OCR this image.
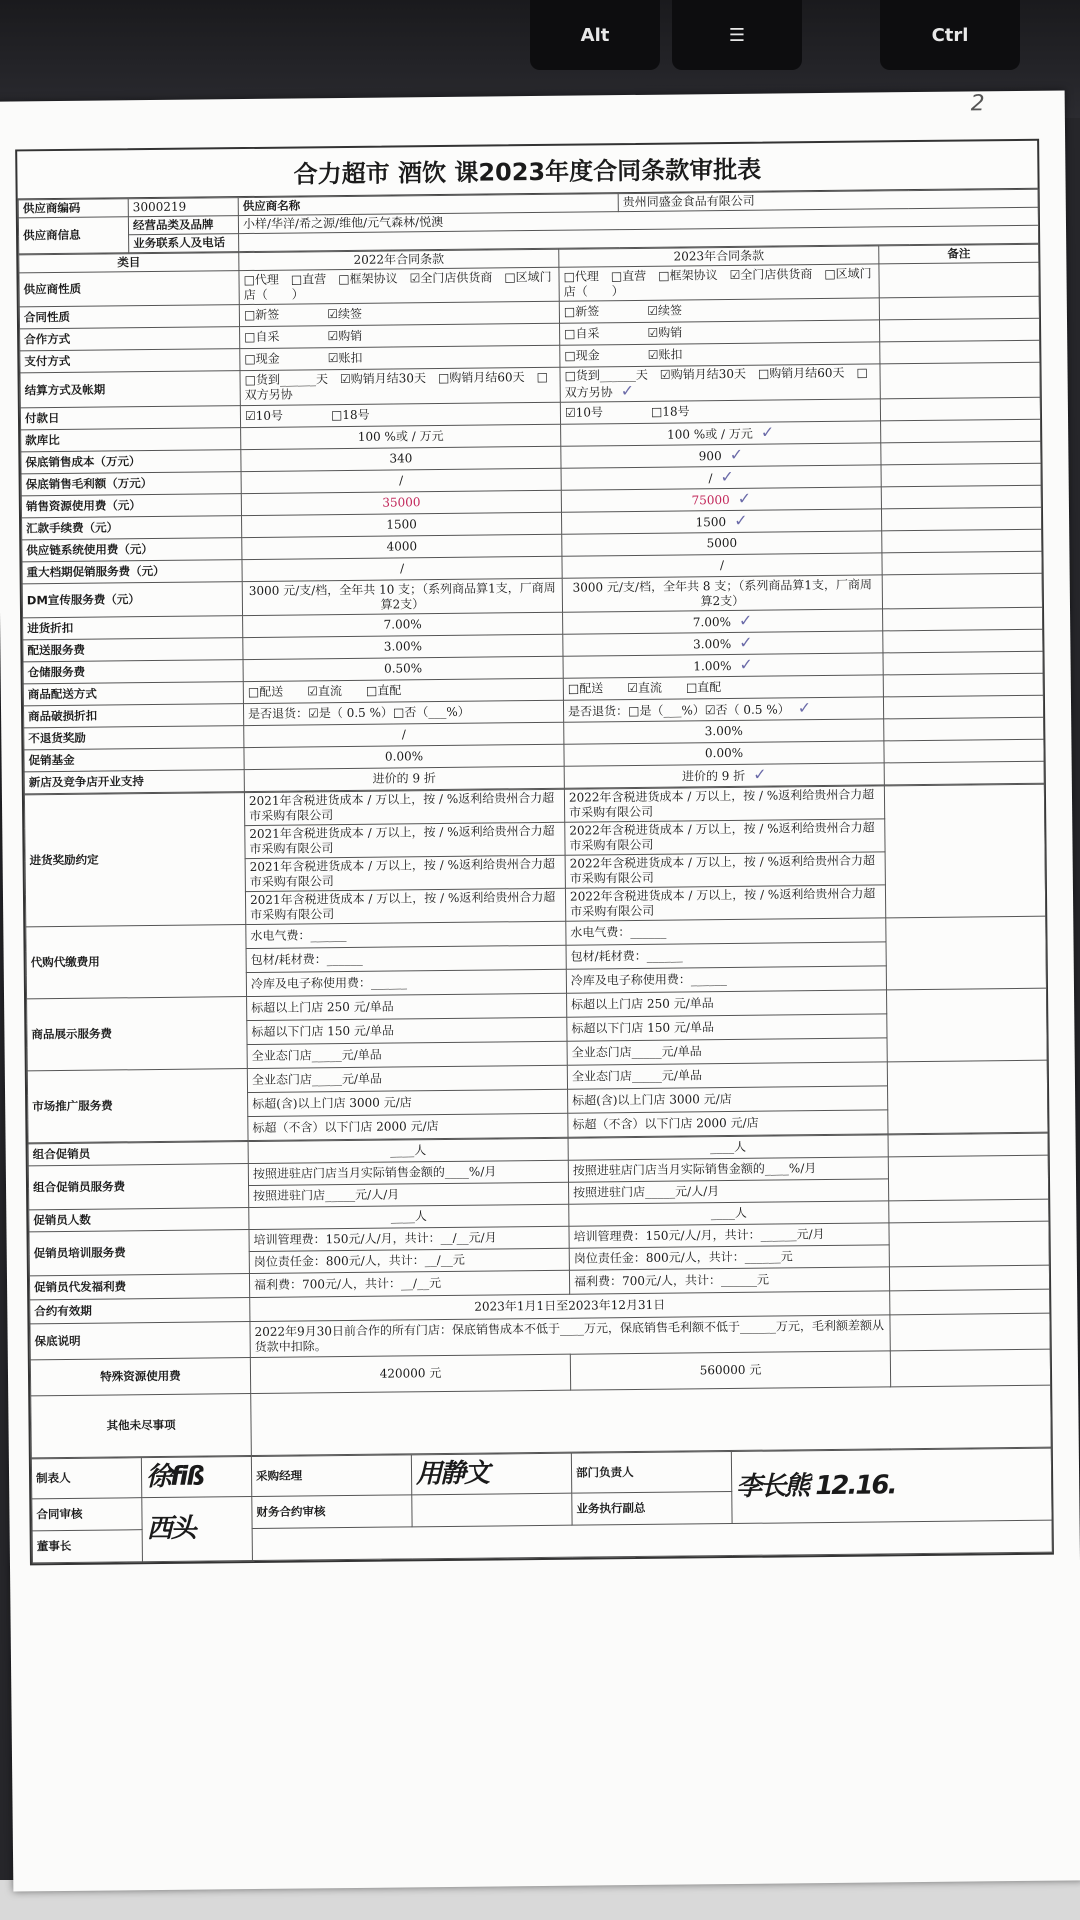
Alt	☰	Ctrl
2
合力超市 酒饮 课2023年度合同条款审批表
供应商编码	3000219	供应商名称	贵州同盛金食品有限公司
供应商信息	经营品类及品牌	小样/华洋/希之源/维他/元气森林/悦澳	
	业务联系人及电话		
类目	2022年合同条款	2023年合同条款	备注
供应商性质	□代理　□直营　□框架协议　☑全门店供货商　□区域门店（　　）	□代理　□直营　□框架协议　☑全门店供货商　□区域门店（　　）	
合同性质	□新签　　　　☑续签	□新签　　　　☑续签	
合作方式	□自采　　　　☑购销	□自采　　　　☑购销	
支付方式	□现金　　　　☑账扣	□现金　　　　☑账扣	
结算方式及帐期	□货到______天　☑购销月结30天　□购销月结60天　□双方另协	□货到______天　☑购销月结30天　□购销月结60天　□双方另协 ✓	
付款日	☑10号　　　　□18号	☑10号　　　　□18号	
款库比	100 %或 / 万元	100 %或 / 万元 ✓	
保底销售成本（万元）	340	900 ✓	
保底销售毛利额（万元）	/	/ ✓	
销售资源使用费（元）	35000	75000 ✓	
汇款手续费（元）	1500	1500 ✓	
供应链系统使用费（元）	4000	5000	
重大档期促销服务费（元）	/	/	
DM宣传服务费（元）	3000 元/支/档，全年共 10 支；（系列商品算1支，厂商周算2支）	3000 元/支/档，全年共 8 支；（系列商品算1支，厂商周算2支）	
进货折扣	7.00%	7.00% ✓	
配送服务费	3.00%	3.00% ✓	
仓储服务费	0.50%	1.00% ✓	
商品配送方式	□配送　　☑直流　　□直配	□配送　　☑直流　　□直配	
商品破损折扣	是否退货：☑是（ 0.5 %）□否（___%）	是否退货：□是（___%）☑否（ 0.5 %） ✓	
不退货奖励	/	3.00%	
促销基金	0.00%	0.00%	
新店及竞争店开业支持	进价的 9 折	进价的 9 折 ✓	
进货奖励约定	2021年含税进货成本 / 万以上，按 / %返利给贵州合力超市采购有限公司	2022年含税进货成本 / 万以上，按 / %返利给贵州合力超市采购有限公司	
	2021年含税进货成本 / 万以上，按 / %返利给贵州合力超市采购有限公司	2022年含税进货成本 / 万以上，按 / %返利给贵州合力超市采购有限公司	
	2021年含税进货成本 / 万以上，按 / %返利给贵州合力超市采购有限公司	2022年含税进货成本 / 万以上，按 / %返利给贵州合力超市采购有限公司	
	2021年含税进货成本 / 万以上，按 / %返利给贵州合力超市采购有限公司	2022年含税进货成本 / 万以上，按 / %返利给贵州合力超市采购有限公司	
代购代缴费用	水电气费：______	水电气费：______	
	包材/耗材费：______	包材/耗材费：______	
	冷库及电子称使用费：______	冷库及电子称使用费：______	
商品展示服务费	标超以上门店 250 元/单品	标超以上门店 250 元/单品	
	标超以下门店 150 元/单品	标超以下门店 150 元/单品	
	全业态门店_____元/单品	全业态门店_____元/单品	
市场推广服务费	全业态门店_____元/单品	全业态门店_____元/单品	
	标超(含)以上门店 3000 元/店	标超(含)以上门店 3000 元/店	
	标超（不含）以下门店 2000 元/店	标超（不含）以下门店 2000 元/店	
组合促销员	____人	____人	
组合促销员服务费	按照进驻店门店当月实际销售金额的____%/月	按照进驻店门店当月实际销售金额的____%/月	
	按照进驻门店_____元/人/月	按照进驻门店_____元/人/月	
促销员人数	____人	____人	
促销员培训服务费	培训管理费：150元/人/月，共计：__/__元/月	培训管理费：150元/人/月，共计：______元/月	
	岗位责任金：800元/人，共计：__/__元	岗位责任金：800元/人，共计：______元	
促销员代发福利费	福利费：700元/人，共计：__/__元	福利费：700元/人，共计：______元	
合约有效期	2023年1月1日至2023年12月31日		
保底说明	2022年9月30日前合作的所有门店：保底销售成本不低于____万元，保底销售毛利额不低于______万元，毛利额差额从货款中扣除。		
特殊资源使用费	420000 元	560000 元	
其他未尽事项			
制表人	徐fiß	采购经理	用静文	部门负责人	李长熊 12.16.
合同审核	西头	财务合约审核		业务执行副总	
董事长					
